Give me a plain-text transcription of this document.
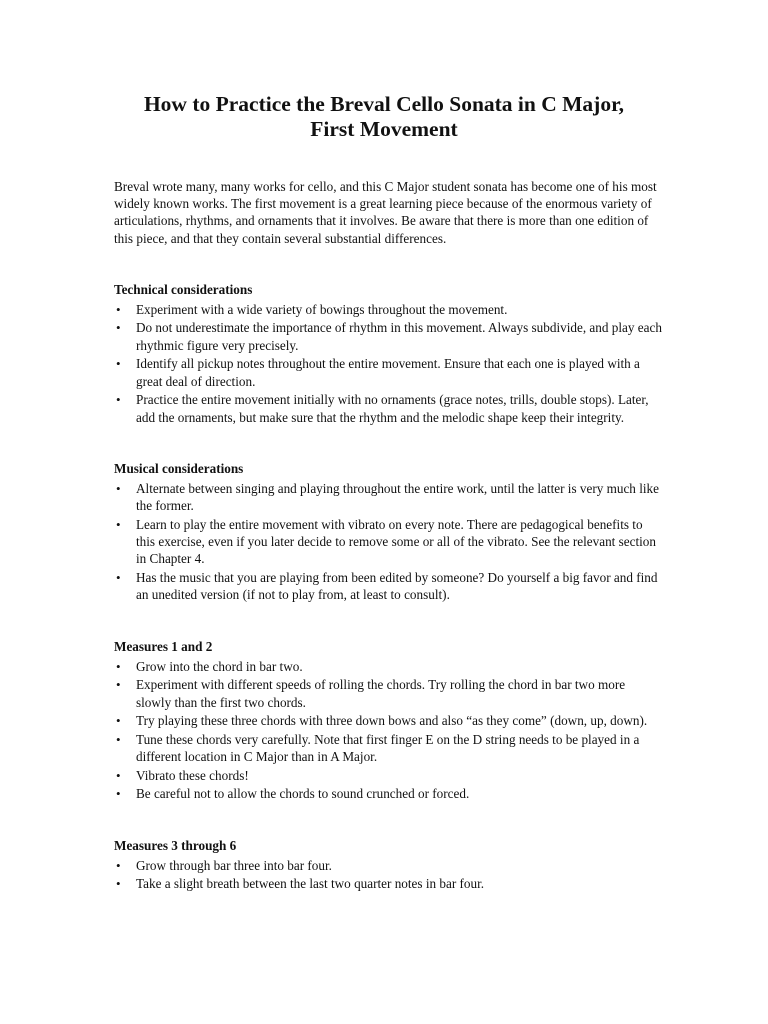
How to Practice the Breval Cello Sonata in C Major,
First Movement

Breval wrote many, many works for cello, and this C Major student sonata has become one of his most widely known works. The first movement is a great learning piece because of the enormous variety of articulations, rhythms, and ornaments that it involves. Be aware that there is more than one edition of this piece, and that they contain several substantial differences.

Technical considerations
• Experiment with a wide variety of bowings throughout the movement.
• Do not underestimate the importance of rhythm in this movement. Always subdivide, and play each rhythmic figure very precisely.
• Identify all pickup notes throughout the entire movement. Ensure that each one is played with a great deal of direction.
• Practice the entire movement initially with no ornaments (grace notes, trills, double stops). Later, add the ornaments, but make sure that the rhythm and the melodic shape keep their integrity.
Musical considerations
• Alternate between singing and playing throughout the entire work, until the latter is very much like the former.
• Learn to play the entire movement with vibrato on every note. There are pedagogical benefits to this exercise, even if you later decide to remove some or all of the vibrato. See the relevant section in Chapter 4.
• Has the music that you are playing from been edited by someone? Do yourself a big favor and find an unedited version (if not to play from, at least to consult).
Measures 1 and 2
• Grow into the chord in bar two.
• Experiment with different speeds of rolling the chords. Try rolling the chord in bar two more slowly than the first two chords.
• Try playing these three chords with three down bows and also “as they come” (down, up, down).
• Tune these chords very carefully. Note that first finger E on the D string needs to be played in a different location in C Major than in A Major.
• Vibrato these chords!
• Be careful not to allow the chords to sound crunched or forced.
Measures 3 through 6
• Grow through bar three into bar four.
• Take a slight breath between the last two quarter notes in bar four.
